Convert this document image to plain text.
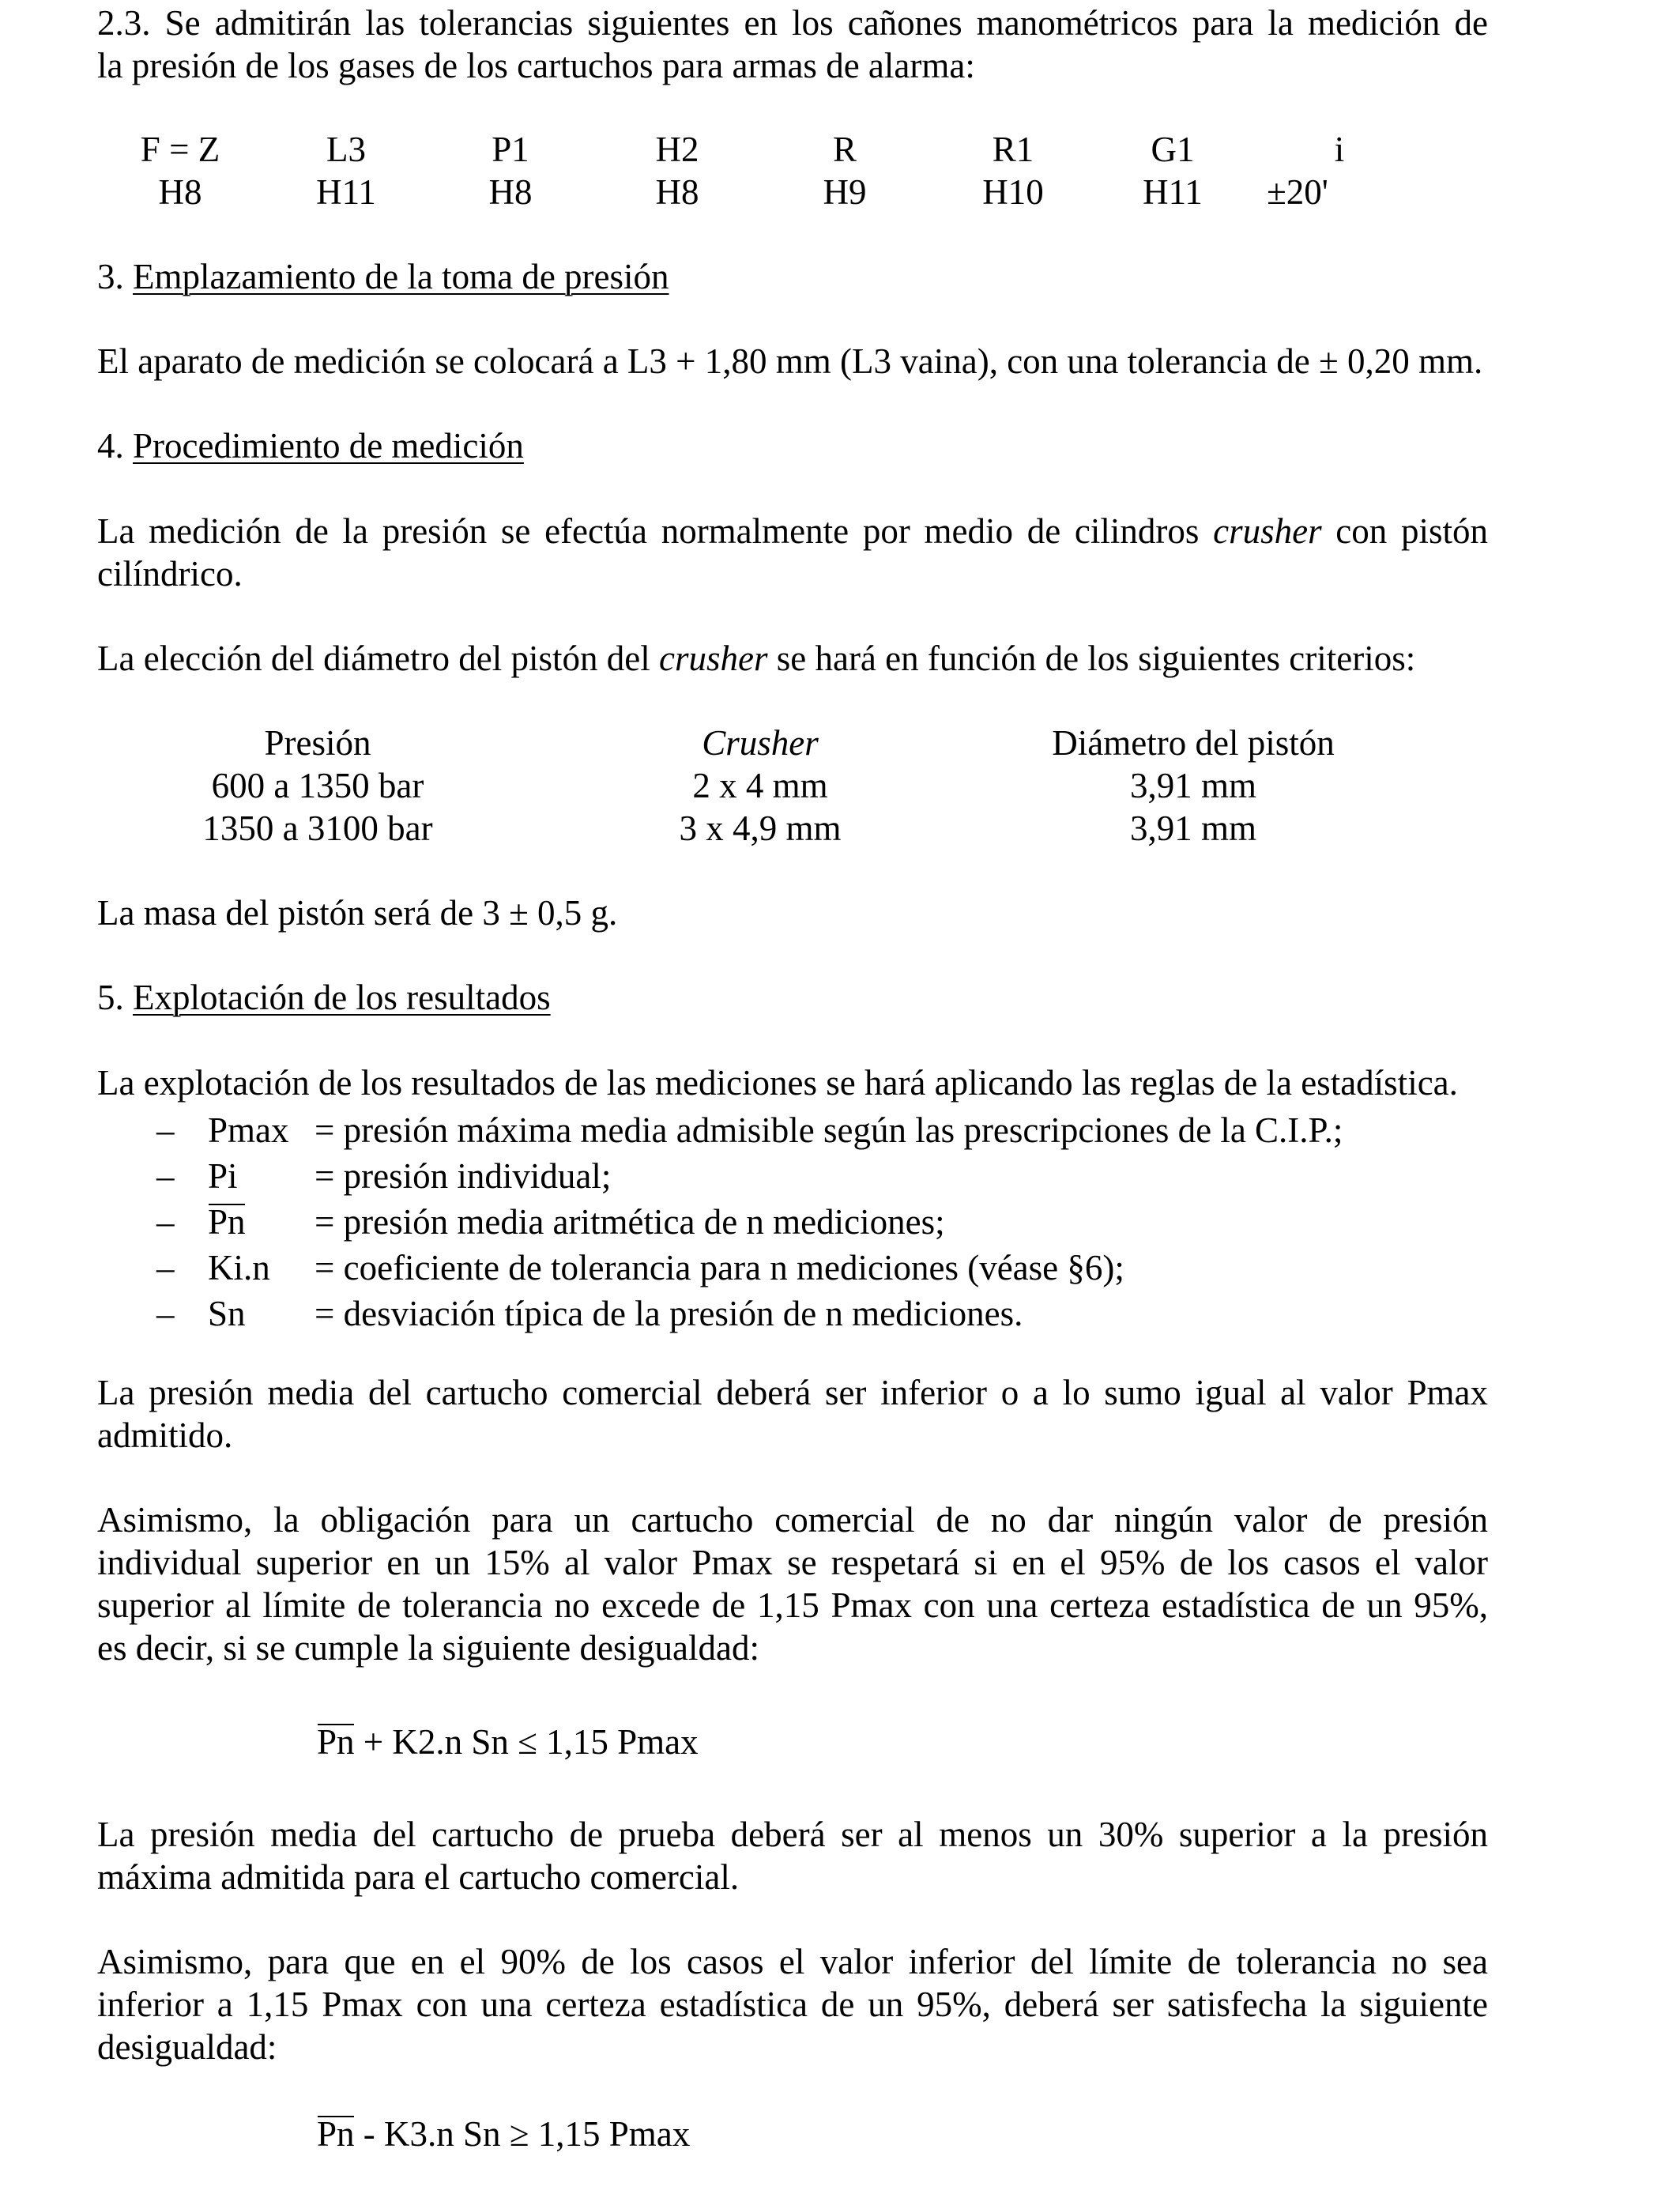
2.3. Se admitirán las tolerancias siguientes en los cañones manométricos para la medición de
la presión de los gases de los cartuchos para armas de alarma:
F = Z	L3	P1	H2	R	R1	G1	i
H8	H11	H8	H8	H9	H10	H11	±20'
3. Emplazamiento de la toma de presión
El aparato de medición se colocará a L3 + 1,80 mm (L3 vaina), con una tolerancia de ± 0,20 mm.
4. Procedimiento de medición
La medición de la presión se efectúa normalmente por medio de cilindros crusher con pistón
cilíndrico.
La elección del diámetro del pistón del crusher se hará en función de los siguientes criterios:
Presión	Crusher	Diámetro del pistón
600 a 1350 bar	2 x 4 mm	3,91 mm
1350 a 3100 bar	3 x 4,9 mm	3,91 mm
La masa del pistón será de 3 ± 0,5 g.
5. Explotación de los resultados
La explotación de los resultados de las mediciones se hará aplicando las reglas de la estadística.
– Pmax = presión máxima media admisible según las prescripciones de la C.I.P.;
– Pi = presión individual;
– Pn = presión media aritmética de n mediciones;
– Ki.n = coeficiente de tolerancia para n mediciones (véase §6);
– Sn = desviación típica de la presión de n mediciones.
La presión media del cartucho comercial deberá ser inferior o a lo sumo igual al valor Pmax
admitido.
Asimismo, la obligación para un cartucho comercial de no dar ningún valor de presión
individual superior en un 15% al valor Pmax se respetará si en el 95% de los casos el valor
superior al límite de tolerancia no excede de 1,15 Pmax con una certeza estadística de un 95%,
es decir, si se cumple la siguiente desigualdad:
Pn + K2.n Sn ≤ 1,15 Pmax
La presión media del cartucho de prueba deberá ser al menos un 30% superior a la presión
máxima admitida para el cartucho comercial.
Asimismo, para que en el 90% de los casos el valor inferior del límite de tolerancia no sea
inferior a 1,15 Pmax con una certeza estadística de un 95%, deberá ser satisfecha la siguiente
desigualdad:
Pn - K3.n Sn ≥ 1,15 Pmax
